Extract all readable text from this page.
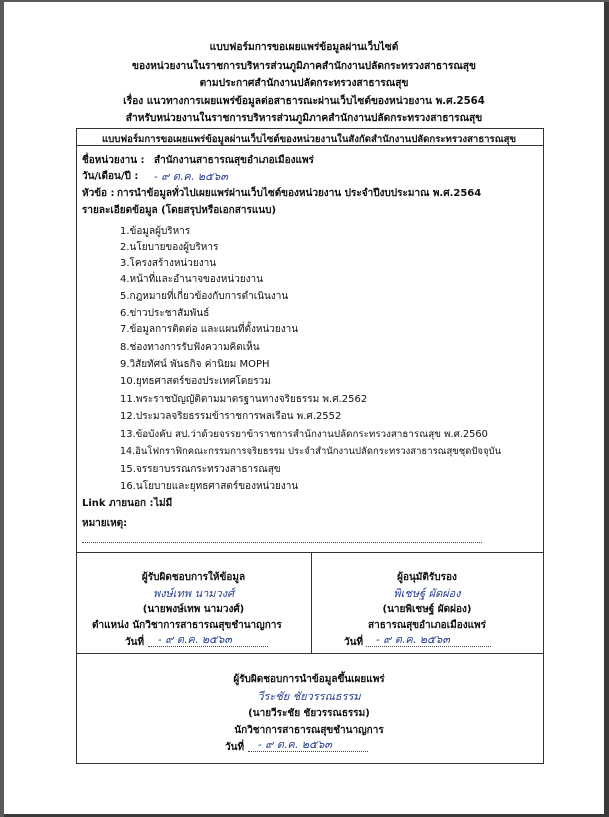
แบบฟอร์มการขอเผยแพร่ข้อมูลผ่านเว็บไซต์
ของหน่วยงานในราชการบริหารส่วนภูมิภาคสำนักงานปลัดกระทรวงสาธารณสุข
ตามประกาศสำนักงานปลัดกระทรวงสาธารณสุข
เรื่อง แนวทางการเผยแพร่ข้อมูลต่อสาธารณะผ่านเว็บไซต์ของหน่วยงาน พ.ศ.2564
สำหรับหน่วยงานในราชการบริหารส่วนภูมิภาคสำนักงานปลัดกระทรวงสาธารณสุข
แบบฟอร์มการขอเผยแพร่ข้อมูลผ่านเว็บไซต์ของหน่วยงานในสังกัดสำนักงานปลัดกระทรวงสาธารณสุข
ชื่อหน่วยงาน : สำนักงานสาธารณสุขอำเภอเมืองแพร่
วัน/เดือน/ปี : - ๙ ต.ค. ๒๕๖๓
หัวข้อ : การนำข้อมูลทั่วไปเผยแพร่ผ่านเว็บไซต์ของหน่วยงาน ประจำปีงบประมาณ พ.ศ.2564
รายละเอียดข้อมูล (โดยสรุปหรือเอกสารแนบ)
1.ข้อมูลผู้บริหาร
2.นโยบายของผู้บริหาร
3.โครงสร้างหน่วยงาน
4.หน้าที่และอำนาจของหน่วยงาน
5.กฎหมายที่เกี่ยวข้องกับการดำเนินงาน
6.ข่าวประชาสัมพันธ์
7.ข้อมูลการติดต่อ และแผนที่ตั้งหน่วยงาน
8.ช่องทางการรับฟังความคิดเห็น
9.วิสัยทัศน์ พันธกิจ ค่านิยม MOPH
10.ยุทธศาสตร์ของประเทศโดยรวม
11.พระราชบัญญัติตามมาตรฐานทางจริยธรรม พ.ศ.2562
12.ประมวลจริยธรรมข้าราชการพลเรือน พ.ศ.2552
13.ข้อบังคับ สป.ว่าด้วยจรรยาข้าราชการสำนักงานปลัดกระทรวงสาธารณสุข พ.ศ.2560
14.อินโฟกราฟิกคณะกรรมการจริยธรรม ประจำสำนักงานปลัดกระทรวงสาธารณสุขชุดปัจจุบัน
15.จรรยาบรรณกระทรวงสาธารณสุข
16.นโยบายและยุทธศาสตร์ของหน่วยงาน
Link ภายนอก : ไม่มี
หมายเหตุ:
ผู้รับผิดชอบการให้ข้อมูล
พงษ์เทพ นามวงศ์
(นายพงษ์เทพ นามวงศ์)
ตำแหน่ง นักวิชาการสาธารณสุขชำนาญการ
วันที่ - ๙ ต.ค. ๒๕๖๓
ผู้อนุมัติรับรอง
พิเชษฐ์ ผัดผ่อง
(นายพิเชษฐ์ ผัดผ่อง)
สาธารณสุขอำเภอเมืองแพร่
วันที่ - ๙ ต.ค. ๒๕๖๓
ผู้รับผิดชอบการนำข้อมูลขึ้นเผยแพร่
วีระชัย ชัยวรรณธรรม
(นายวีระชัย ชัยวรรณธรรม)
นักวิชาการสาธารณสุขชำนาญการ
วันที่ - ๙ ต.ค. ๒๕๖๓
